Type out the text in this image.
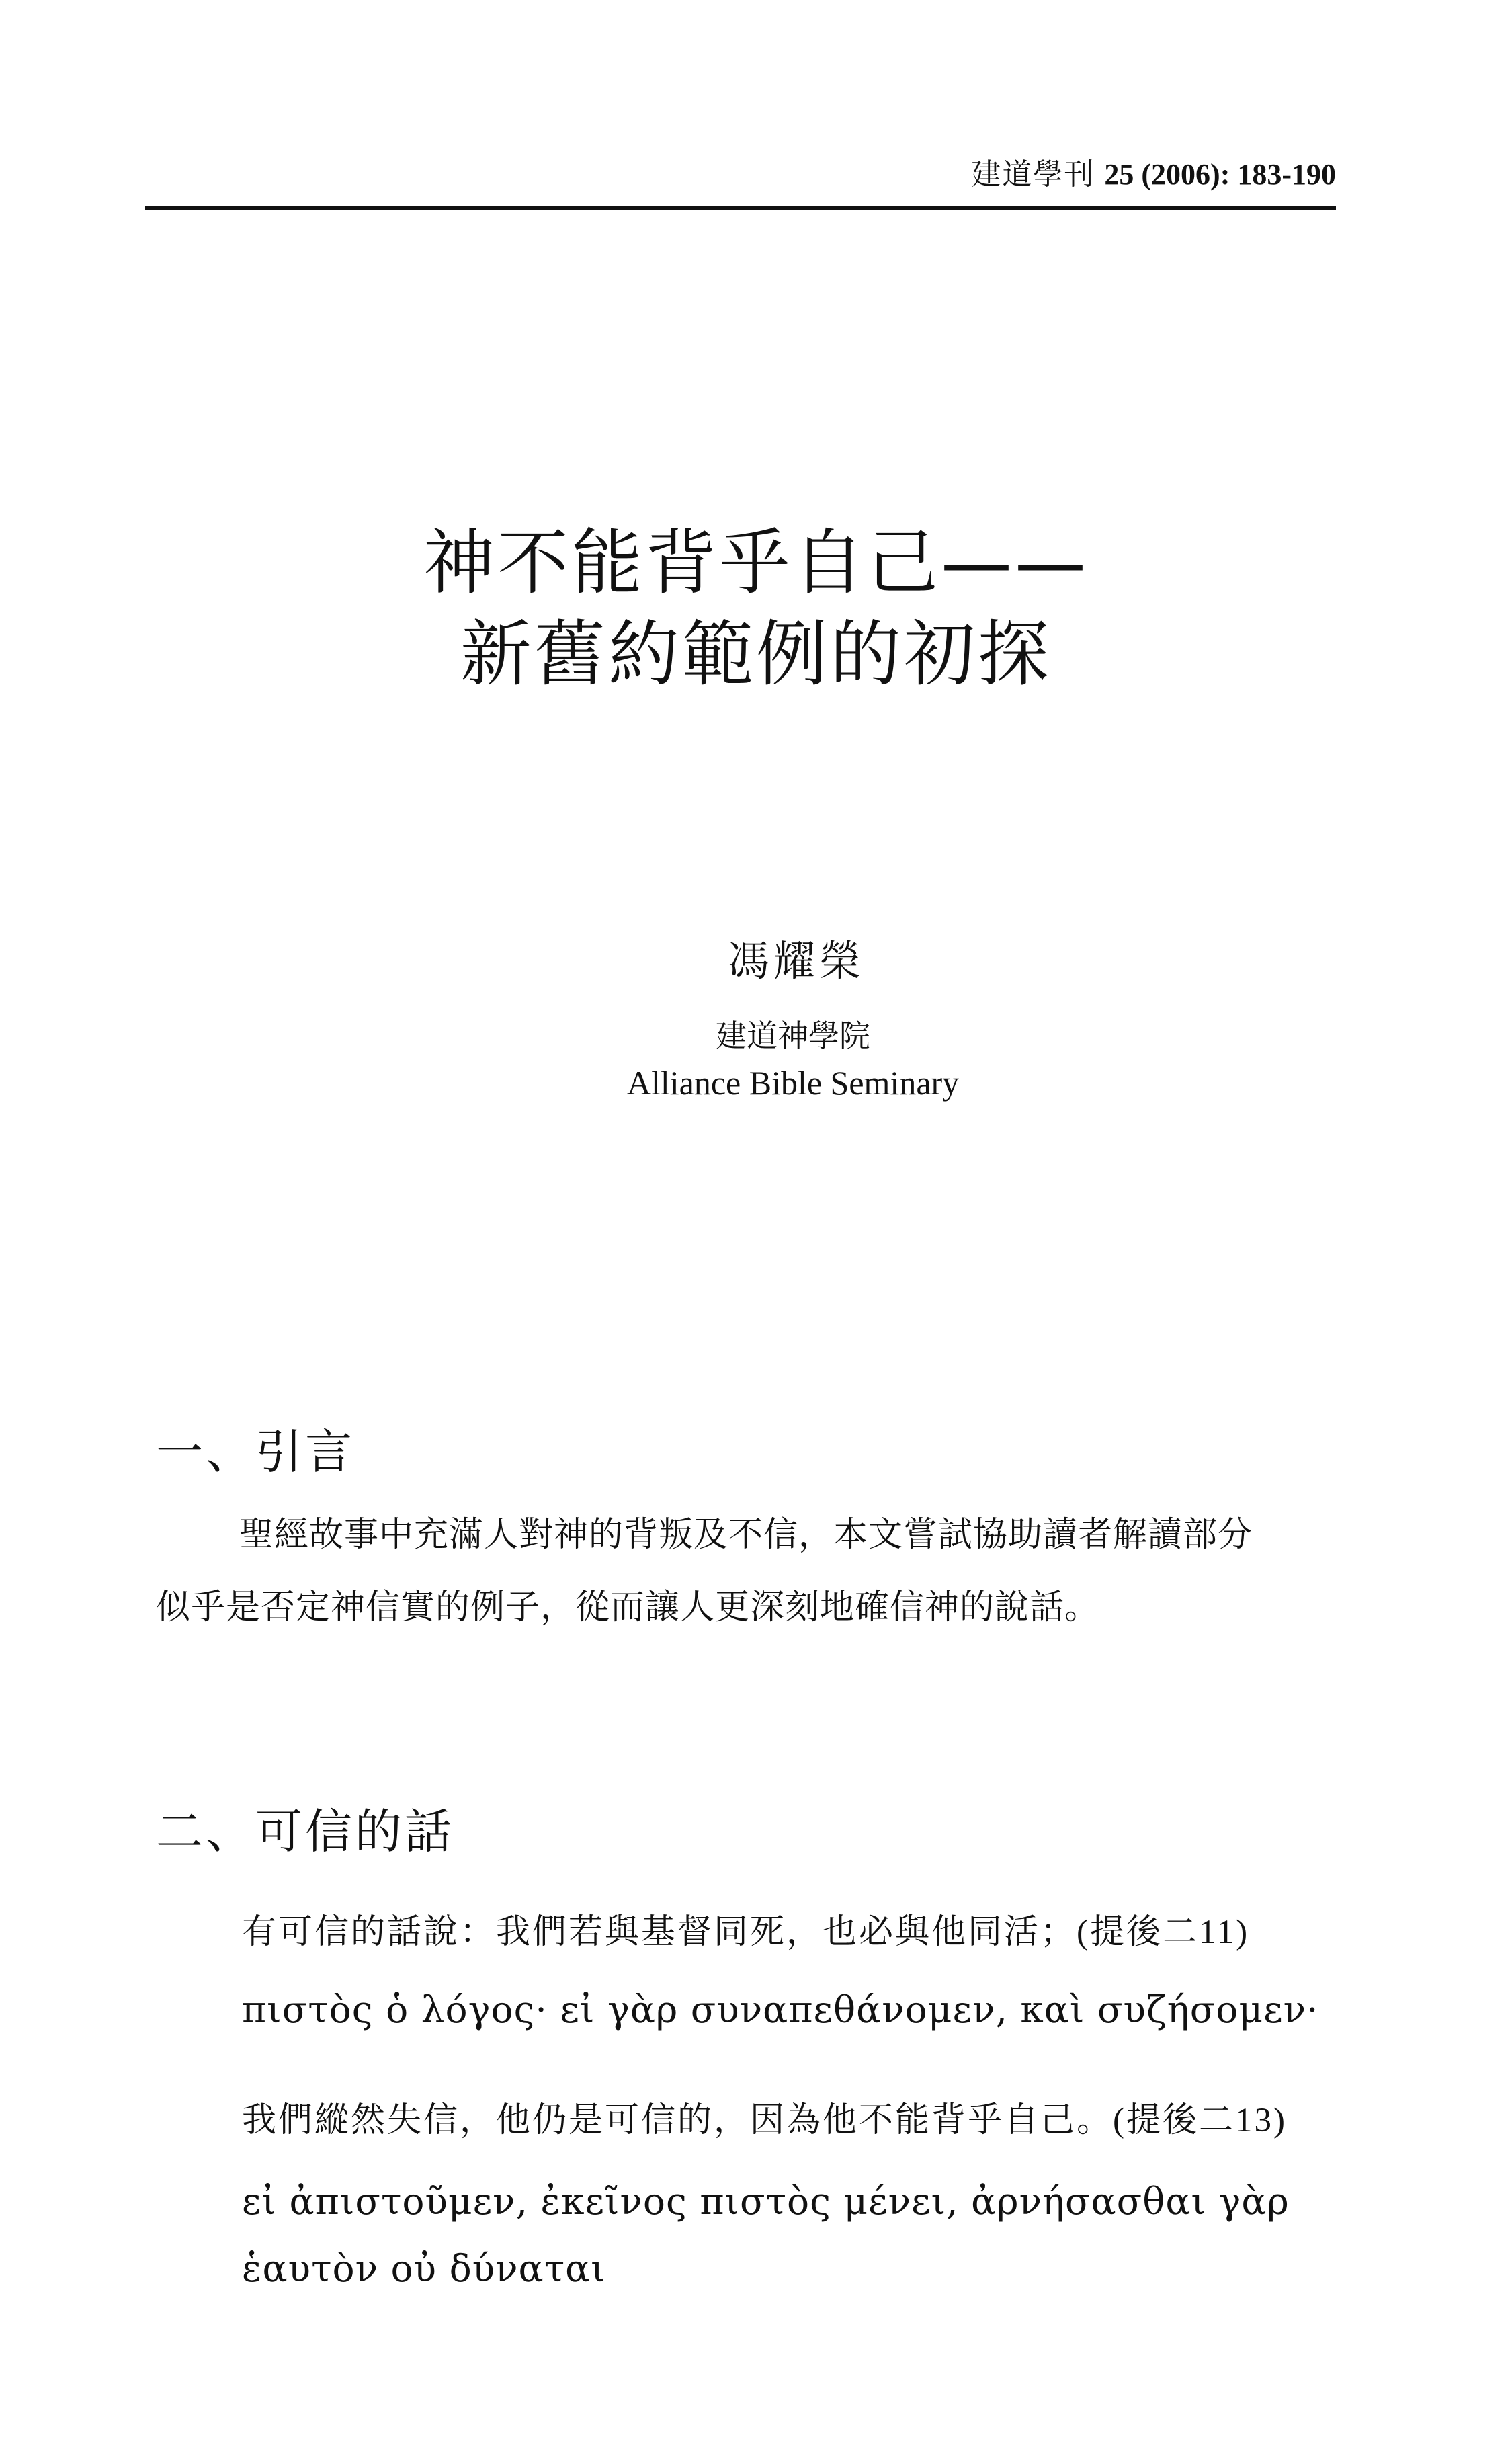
建道學刊 25 (2006): 183-190
神不能背乎自己——
新舊約範例的初探
馮耀榮
建道神學院
Alliance Bible Seminary
一、引言
聖經故事中充滿人對神的背叛及不信，本文嘗試協助讀者解讀部分
似乎是否定神信實的例子，從而讓人更深刻地確信神的說話。
二、可信的話
有可信的話說：我們若與基督同死，也必與他同活；(提後二11)
πιστὸς ὁ λόγος· εἰ γὰρ συναπεθάνομεν, καὶ συζήσομεν·
我們縱然失信，他仍是可信的，因為他不能背乎自己。(提後二13)
εἰ ἀπιστοῦμεν, ἐκεῖνος πιστὸς μένει, ἀρνήσασθαι γὰρ ἑαυτὸν οὐ δύναται
